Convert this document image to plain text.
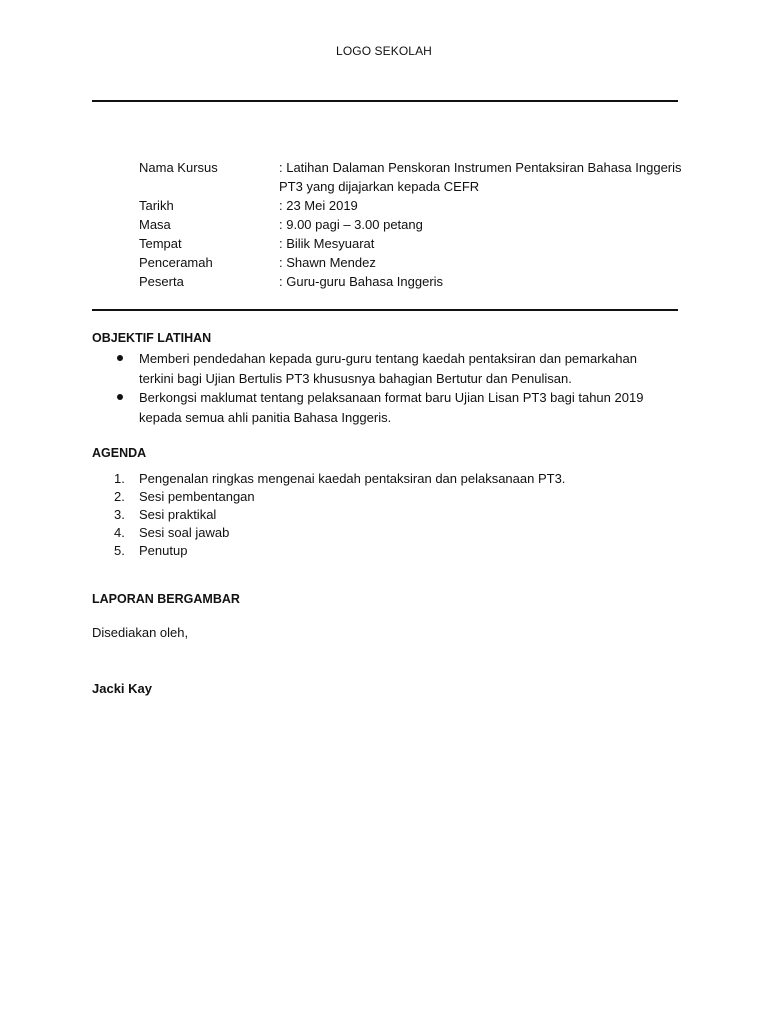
LOGO SEKOLAH
Nama Kursus	: Latihan Dalaman Penskoran Instrumen Pentaksiran Bahasa Inggeris
PT3 yang dijajarkan kepada CEFR
Tarikh	: 23 Mei 2019
Masa	: 9.00 pagi – 3.00 petang
Tempat	: Bilik Mesyuarat
Penceramah	: Shawn Mendez
Peserta	: Guru-guru Bahasa Inggeris
OBJEKTIF LATIHAN
Memberi pendedahan kepada guru-guru tentang kaedah pentaksiran dan pemarkahan
terkini bagi Ujian Bertulis PT3 khususnya bahagian Bertutur dan Penulisan.
Berkongsi maklumat tentang pelaksanaan format baru Ujian Lisan PT3 bagi tahun 2019
kepada semua ahli panitia Bahasa Inggeris.
AGENDA
1. Pengenalan ringkas mengenai kaedah pentaksiran dan pelaksanaan PT3.
2. Sesi pembentangan
3. Sesi praktikal
4. Sesi soal jawab
5. Penutup
LAPORAN BERGAMBAR
Disediakan oleh,
Jacki Kay
